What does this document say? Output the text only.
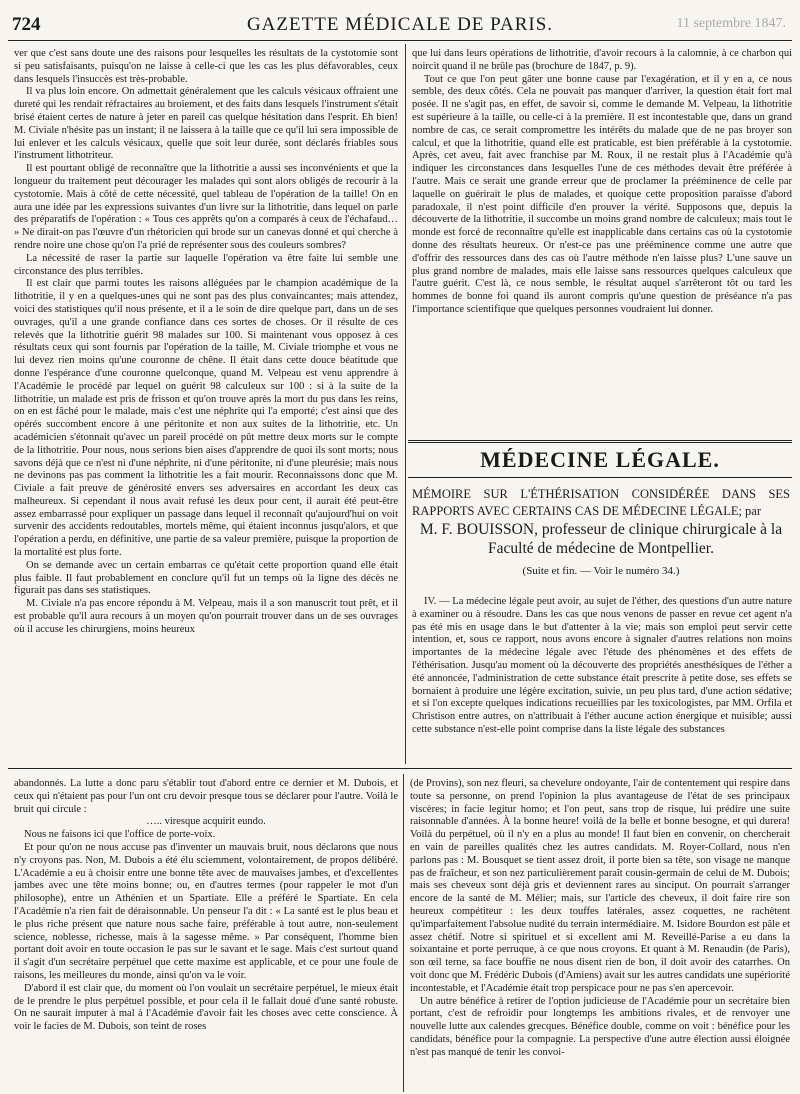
724	GAZETTE MÉDICALE DE PARIS.	11 septembre 1847.

ver que c'est sans doute une des raisons pour lesquelles les résultats de la cystotomie sont si peu satisfaisants, puisqu'on ne laisse à celle-ci que les cas les plus défavorables, ceux dans lesquels l'insuccès est très-probable.

Il va plus loin encore. On admettait généralement que les calculs vésicaux offraient une dureté qui les rendait réfractaires au broiement, et des faits dans lesquels l'instrument s'était brisé étaient certes de nature à jeter en pareil cas quelque hésitation dans l'esprit. Eh bien! M. Civiale n'hésite pas un instant; il ne laissera à la taille que ce qu'il lui sera impossible de lui enlever et les calculs vésicaux, quelle que soit leur durée, sont déclarés friables sous l'instrument lithotriteur.

Il est pourtant obligé de reconnaître que la lithotritie a aussi ses inconvénients et que la longueur du traitement peut décourager les malades qui sont alors obligés de recourir à la cystotomie. Mais à côté de cette nécessité, quel tableau de l'opération de la taille! On en aura une idée par les expressions suivantes d'un livre sur la lithotritie, dans lequel on parle des préparatifs de l'opération : « Tous ces apprêts qu'on a comparés à ceux de l'échafaud… » Ne dirait-on pas l'œuvre d'un rhétoricien qui brode sur un canevas donné et qui cherche à rendre noire une chose qu'on l'a prié de représenter sous des couleurs sombres?

La nécessité de raser la partie sur laquelle l'opération va être faite lui semble une circonstance des plus terribles.

Il est clair que parmi toutes les raisons alléguées par le champion académique de la lithotritie, il y en a quelques-unes qui ne sont pas des plus convaincantes; mais attendez, voici des statistiques qu'il nous présente, et il a le soin de dire quelque part, dans un de ses ouvrages, qu'il a une grande confiance dans ces sortes de choses. Or il résulte de ces relevés que la lithotritie guérit 98 malades sur 100. Si maintenant vous opposez à ces résultats ceux qui sont fournis par l'opération de la taille, M. Civiale triomphe et vous ne lui devez rien moins qu'une couronne de chêne. Il était dans cette douce béatitude que donne l'espérance d'une couronne quelconque, quand M. Velpeau est venu apprendre à l'Académie le procédé par lequel on guérit 98 calculeux sur 100 : si à la suite de la lithotritie, un malade est pris de frisson et qu'on trouve après la mort du pus dans les reins, on en est fâché pour le malade, mais c'est une néphrite qui l'a emporté; c'est ainsi que des opérés succombent encore à une péritonite et non aux suites de la lithotritie, etc. Un académicien s'étonnait qu'avec un pareil procédé on pût mettre deux morts sur le compte de la lithotritie. Pour nous, nous serions bien aises d'apprendre de quoi ils sont morts; nous savons déjà que ce n'est ni d'une néphrite, ni d'une péritonite, ni d'une pleurésie; mais nous ne devinons pas pas comment la lithotritie les a fait mourir. Reconnaissons donc que M. Civiale a fait preuve de générosité envers ses adversaires en accordant les deux cas malheureux. Si cependant il nous avait refusé les deux pour cent, il aurait été peut-être assez embarrassé pour expliquer un passage dans lequel il reconnaît qu'aujourd'hui on voit survenir des accidents redoutables, mortels même, qui étaient inconnus jusqu'alors, et que l'opération a perdu, en définitive, une partie de sa valeur première, puisque la proportion de la mortalité est plus forte.

On se demande avec un certain embarras ce qu'était cette proportion quand elle était plus faible. Il faut probablement en conclure qu'il fut un temps où la ligne des décès ne figurait pas dans ses statistiques.

M. Civiale n'a pas encore répondu à M. Velpeau, mais il a son manuscrit tout prêt, et il est probable qu'il aura recours à un moyen qu'on pourrait trouver dans un de ses ouvrages où il accuse les chirurgiens, moins heureux

que lui dans leurs opérations de lithotritie, d'avoir recours à la calomnie, à ce charbon qui noircit quand il ne brûle pas (brochure de 1847, p. 9).

Tout ce que l'on peut gâter une bonne cause par l'exagération, et il y en a, ce nous semble, des deux côtés. Cela ne pouvait pas manquer d'arriver, la question était fort mal posée. Il ne s'agit pas, en effet, de savoir si, comme le demande M. Velpeau, la lithotritie est supérieure à la taille, ou celle-ci à la première. Il est incontestable que, dans un grand nombre de cas, ce serait compromettre les intérêts du malade que de ne pas broyer son calcul, et que la lithotritie, quand elle est praticable, est bien préférable à la cystotomie. Après, cet aveu, fait avec franchise par M. Roux, il ne restait plus à l'Académie qu'à indiquer les circonstances dans lesquelles l'une de ces méthodes devait être préférée à l'autre. Mais ce serait une grande erreur que de proclamer la prééminence de celle par laquelle on guérirait le plus de malades, et quoique cette proposition paraisse d'abord paradoxale, il n'est point difficile d'en prouver la vérité. Supposons que, depuis la découverte de la lithotritie, il succombe un moins grand nombre de calculeux; mais tout le monde est forcé de reconnaître qu'elle est inapplicable dans certains cas où la cystotomie donne des résultats heureux. Or n'est-ce pas une prééminence comme une autre que d'offrir des ressources dans des cas où l'autre méthode n'en laisse plus? L'une sauve un plus grand nombre de malades, mais elle laisse sans ressources quelques calculeux que l'autre guérit. C'est là, ce nous semble, le résultat auquel s'arrêteront tôt ou tard les hommes de bonne foi quand ils auront compris qu'une question de préséance n'a pas l'importance scientifique que quelques personnes voudraient lui donner.

MÉDECINE LÉGALE.
MÉMOIRE SUR L'ÉTHÉRISATION CONSIDÉRÉE DANS SES RAPPORTS AVEC CERTAINS CAS DE MÉDECINE LÉGALE; par
M. F. BOUISSON, professeur de clinique chirurgicale à la Faculté de médecine de Montpellier.
(Suite et fin. — Voir le numéro 34.)

IV. — La médecine légale peut avoir, au sujet de l'éther, des questions d'un autre nature à examiner ou à résoudre. Dans les cas que nous venons de passer en revue cet agent n'a pas été mis en usage dans le but d'attenter à la vie; mais son emploi peut servir cette intention, et, sous ce rapport, nous avons encore à signaler d'autres relations non moins importantes de la médecine légale avec l'étude des phénomènes et des effets de l'éthérisation. Jusqu'au moment où la découverte des propriétés anesthésiques de l'éther a été annoncée, l'administration de cette substance était prescrite à petite dose, ses effets se bornaient à produire une légère excitation, suivie, un peu plus tard, d'une action sédative; et si l'on excepte quelques indications recueillies par les toxicologistes, par MM. Orfila et Christison entre autres, on n'attribuait à l'éther aucune action énergique et nuisible; aussi cette substance n'est-elle point comprise dans la liste légale des substances

abandonnés. La lutte a donc paru s'établir tout d'abord entre ce dernier et M. Dubois, et ceux qui n'étaient pas pour l'un ont cru devoir presque tous se déclarer pour l'autre. Voilà le bruit qui circule :

….. viresque acquirit eundo.

Nous ne faisons ici que l'office de porte-voix.

Et pour qu'on ne nous accuse pas d'inventer un mauvais bruit, nous déclarons que nous n'y croyons pas. Non, M. Dubois a été élu sciemment, volontairement, de propos délibéré. L'Académie a eu à choisir entre une bonne tête avec de mauvaises jambes, et d'excellentes jambes avec une tête moins bonne; ou, en d'autres termes (pour rappeler le mot d'un philosophe), entre un Athénien et un Spartiate. Elle a préféré le Spartiate. En cela l'Académie n'a rien fait de déraisonnable. Un penseur l'a dit : « La santé est le plus beau et le plus riche présent que nature nous sache faire, préférable à tout autre, non-seulement science, noblesse, richesse, mais à la sagesse même. » Par conséquent, l'homme bien portant doit avoir en toute occasion le pas sur le savant et le sage. Mais c'est surtout quand il s'agit d'un secrétaire perpétuel que cette maxime est applicable, et ce pour une foule de raisons, les meilleures du monde, ainsi qu'on va le voir.

D'abord il est clair que, du moment où l'on voulait un secrétaire perpétuel, le mieux était de le prendre le plus perpétuel possible, et pour cela il le fallait doué d'une santé robuste. On ne saurait imputer à mal à l'Académie d'avoir fait les choses avec cette conscience. À voir le facies de M. Dubois, son teint de roses

(de Provins), son nez fleuri, sa chevelure ondoyante, l'air de contentement qui respire dans toute sa personne, on prend l'opinion la plus avantageuse de l'état de ses principaux viscères; in facie legitur homo; et l'on peut, sans trop de risque, lui prédire une suite raisonnable d'années. À la bonne heure! voilà de la belle et bonne besogne, et qui durera! Voilà du perpétuel, où il n'y en a plus au monde! Il faut bien en convenir, on chercherait en vain de pareilles qualités chez les autres candidats. M. Royer-Collard, nous n'en parlons pas : M. Bousquet se tient assez droit, il porte bien sa tête, son visage ne manque pas de fraîcheur, et son nez particulièrement paraît cousin-germain de celui de M. Dubois; mais ses cheveux sont déjà gris et deviennent rares au sinciput. On pourrait s'arranger encore de la santé de M. Mélier; mais, sur l'article des cheveux, il doit faire rire son heureux compétiteur : les deux touffes latérales, assez coquettes, ne rachètent qu'imparfaitement l'absolue nudité du terrain intermédiaire. M. Isidore Bourdon est pâle et assez chétif. Notre si spirituel et si excellent ami M. Reveillé-Parise a eu dans la soixantaine et porte perruque, à ce que nous croyons. Et quant à M. Renaudin (de Paris), son œil terne, sa face bouffie ne nous disent rien de bon, il doit avoir des catarrhes. On voit donc que M. Frédéric Dubois (d'Amiens) avait sur les autres candidats une supériorité incontestable, et l'Académie était trop perspicace pour ne pas s'en apercevoir.

Un autre bénéfice à retirer de l'option judicieuse de l'Académie pour un secrétaire bien portant, c'est de refroidir pour longtemps les ambitions rivales, et de renvoyer une nouvelle lutte aux calendes grecques. Bénéfice double, comme on voit : bénéfice pour les candidats, bénéfice pour la compagnie. La perspective d'une autre élection aussi éloignée n'est pas manqué de tenir les convoi-
